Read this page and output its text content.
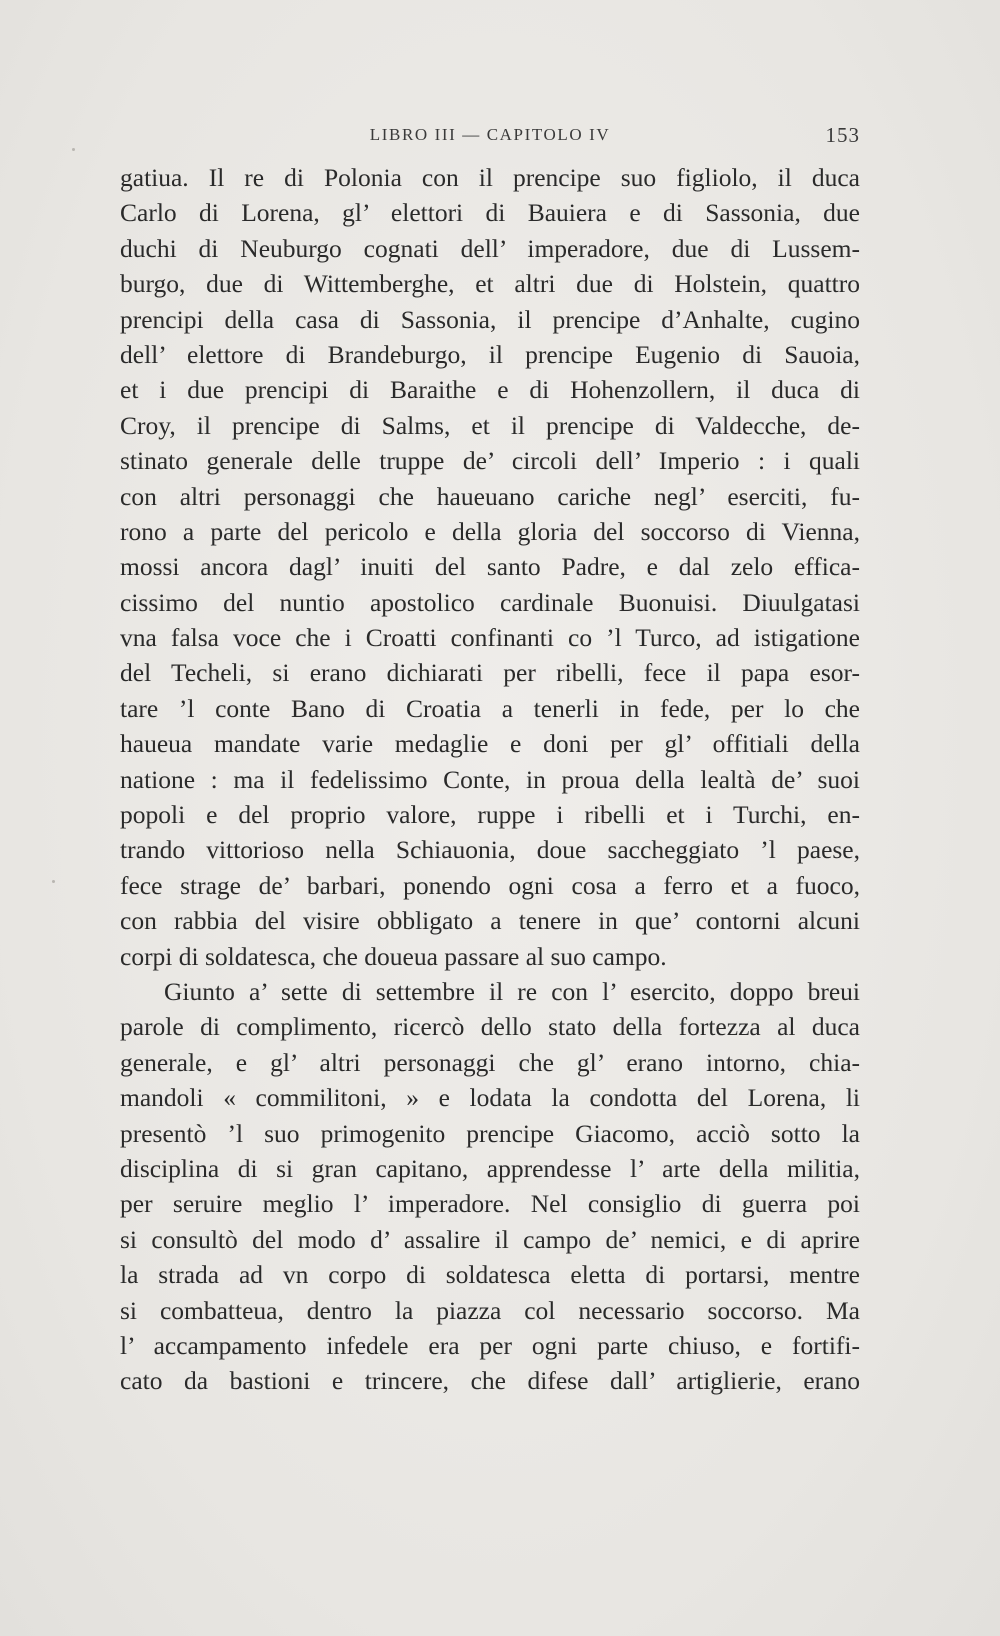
LIBRO III — CAPITOLO IV	153
gatiua. Il re di Polonia con il prencipe suo figliolo, il duca
Carlo di Lorena, gl’ elettori di Bauiera e di Sassonia, due
duchi di Neuburgo cognati dell’ imperadore, due di Lussem-
burgo, due di Wittemberghe, et altri due di Holstein, quattro
prencipi della casa di Sassonia, il prencipe d’Anhalte, cugino
dell’ elettore di Brandeburgo, il prencipe Eugenio di Sauoia,
et i due prencipi di Baraithe e di Hohenzollern, il duca di
Croy, il prencipe di Salms, et il prencipe di Valdecche, de-
stinato generale delle truppe de’ circoli dell’ Imperio : i quali
con altri personaggi che haueuano cariche negl’ eserciti, fu-
rono a parte del pericolo e della gloria del soccorso di Vienna,
mossi ancora dagl’ inuiti del santo Padre, e dal zelo effica-
cissimo del nuntio apostolico cardinale Buonuisi. Diuulgatasi
vna falsa voce che i Croatti confinanti co ’l Turco, ad istigatione
del Techeli, si erano dichiarati per ribelli, fece il papa esor-
tare ’l conte Bano di Croatia a tenerli in fede, per lo che
haueua mandate varie medaglie e doni per gl’ offitiali della
natione : ma il fedelissimo Conte, in proua della lealtà de’ suoi
popoli e del proprio valore, ruppe i ribelli et i Turchi, en-
trando vittorioso nella Schiauonia, doue saccheggiato ’l paese,
fece strage de’ barbari, ponendo ogni cosa a ferro et a fuoco,
con rabbia del visire obbligato a tenere in que’ contorni alcuni
corpi di soldatesca, che doueua passare al suo campo.
Giunto a’ sette di settembre il re con l’ esercito, doppo breui
parole di complimento, ricercò dello stato della fortezza al duca
generale, e gl’ altri personaggi che gl’ erano intorno, chia-
mandoli « commilitoni, » e lodata la condotta del Lorena, li
presentò ’l suo primogenito prencipe Giacomo, acciò sotto la
disciplina di si gran capitano, apprendesse l’ arte della militia,
per seruire meglio l’ imperadore. Nel consiglio di guerra poi
si consultò del modo d’ assalire il campo de’ nemici, e di aprire
la strada ad vn corpo di soldatesca eletta di portarsi, mentre
si combatteua, dentro la piazza col necessario soccorso. Ma
l’ accampamento infedele era per ogni parte chiuso, e fortifi-
cato da bastioni e trincere, che difese dall’ artiglierie, erano
